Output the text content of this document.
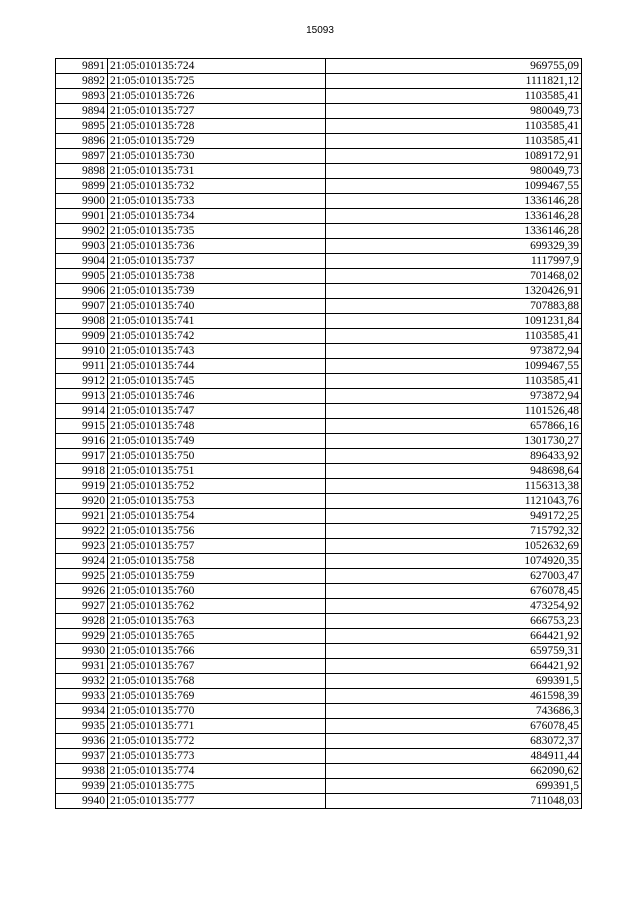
15093
9891	21:05:010135:724	969755,09
9892	21:05:010135:725	1111821,12
9893	21:05:010135:726	1103585,41
9894	21:05:010135:727	980049,73
9895	21:05:010135:728	1103585,41
9896	21:05:010135:729	1103585,41
9897	21:05:010135:730	1089172,91
9898	21:05:010135:731	980049,73
9899	21:05:010135:732	1099467,55
9900	21:05:010135:733	1336146,28
9901	21:05:010135:734	1336146,28
9902	21:05:010135:735	1336146,28
9903	21:05:010135:736	699329,39
9904	21:05:010135:737	1117997,9
9905	21:05:010135:738	701468,02
9906	21:05:010135:739	1320426,91
9907	21:05:010135:740	707883,88
9908	21:05:010135:741	1091231,84
9909	21:05:010135:742	1103585,41
9910	21:05:010135:743	973872,94
9911	21:05:010135:744	1099467,55
9912	21:05:010135:745	1103585,41
9913	21:05:010135:746	973872,94
9914	21:05:010135:747	1101526,48
9915	21:05:010135:748	657866,16
9916	21:05:010135:749	1301730,27
9917	21:05:010135:750	896433,92
9918	21:05:010135:751	948698,64
9919	21:05:010135:752	1156313,38
9920	21:05:010135:753	1121043,76
9921	21:05:010135:754	949172,25
9922	21:05:010135:756	715792,32
9923	21:05:010135:757	1052632,69
9924	21:05:010135:758	1074920,35
9925	21:05:010135:759	627003,47
9926	21:05:010135:760	676078,45
9927	21:05:010135:762	473254,92
9928	21:05:010135:763	666753,23
9929	21:05:010135:765	664421,92
9930	21:05:010135:766	659759,31
9931	21:05:010135:767	664421,92
9932	21:05:010135:768	699391,5
9933	21:05:010135:769	461598,39
9934	21:05:010135:770	743686,3
9935	21:05:010135:771	676078,45
9936	21:05:010135:772	683072,37
9937	21:05:010135:773	484911,44
9938	21:05:010135:774	662090,62
9939	21:05:010135:775	699391,5
9940	21:05:010135:777	711048,03
